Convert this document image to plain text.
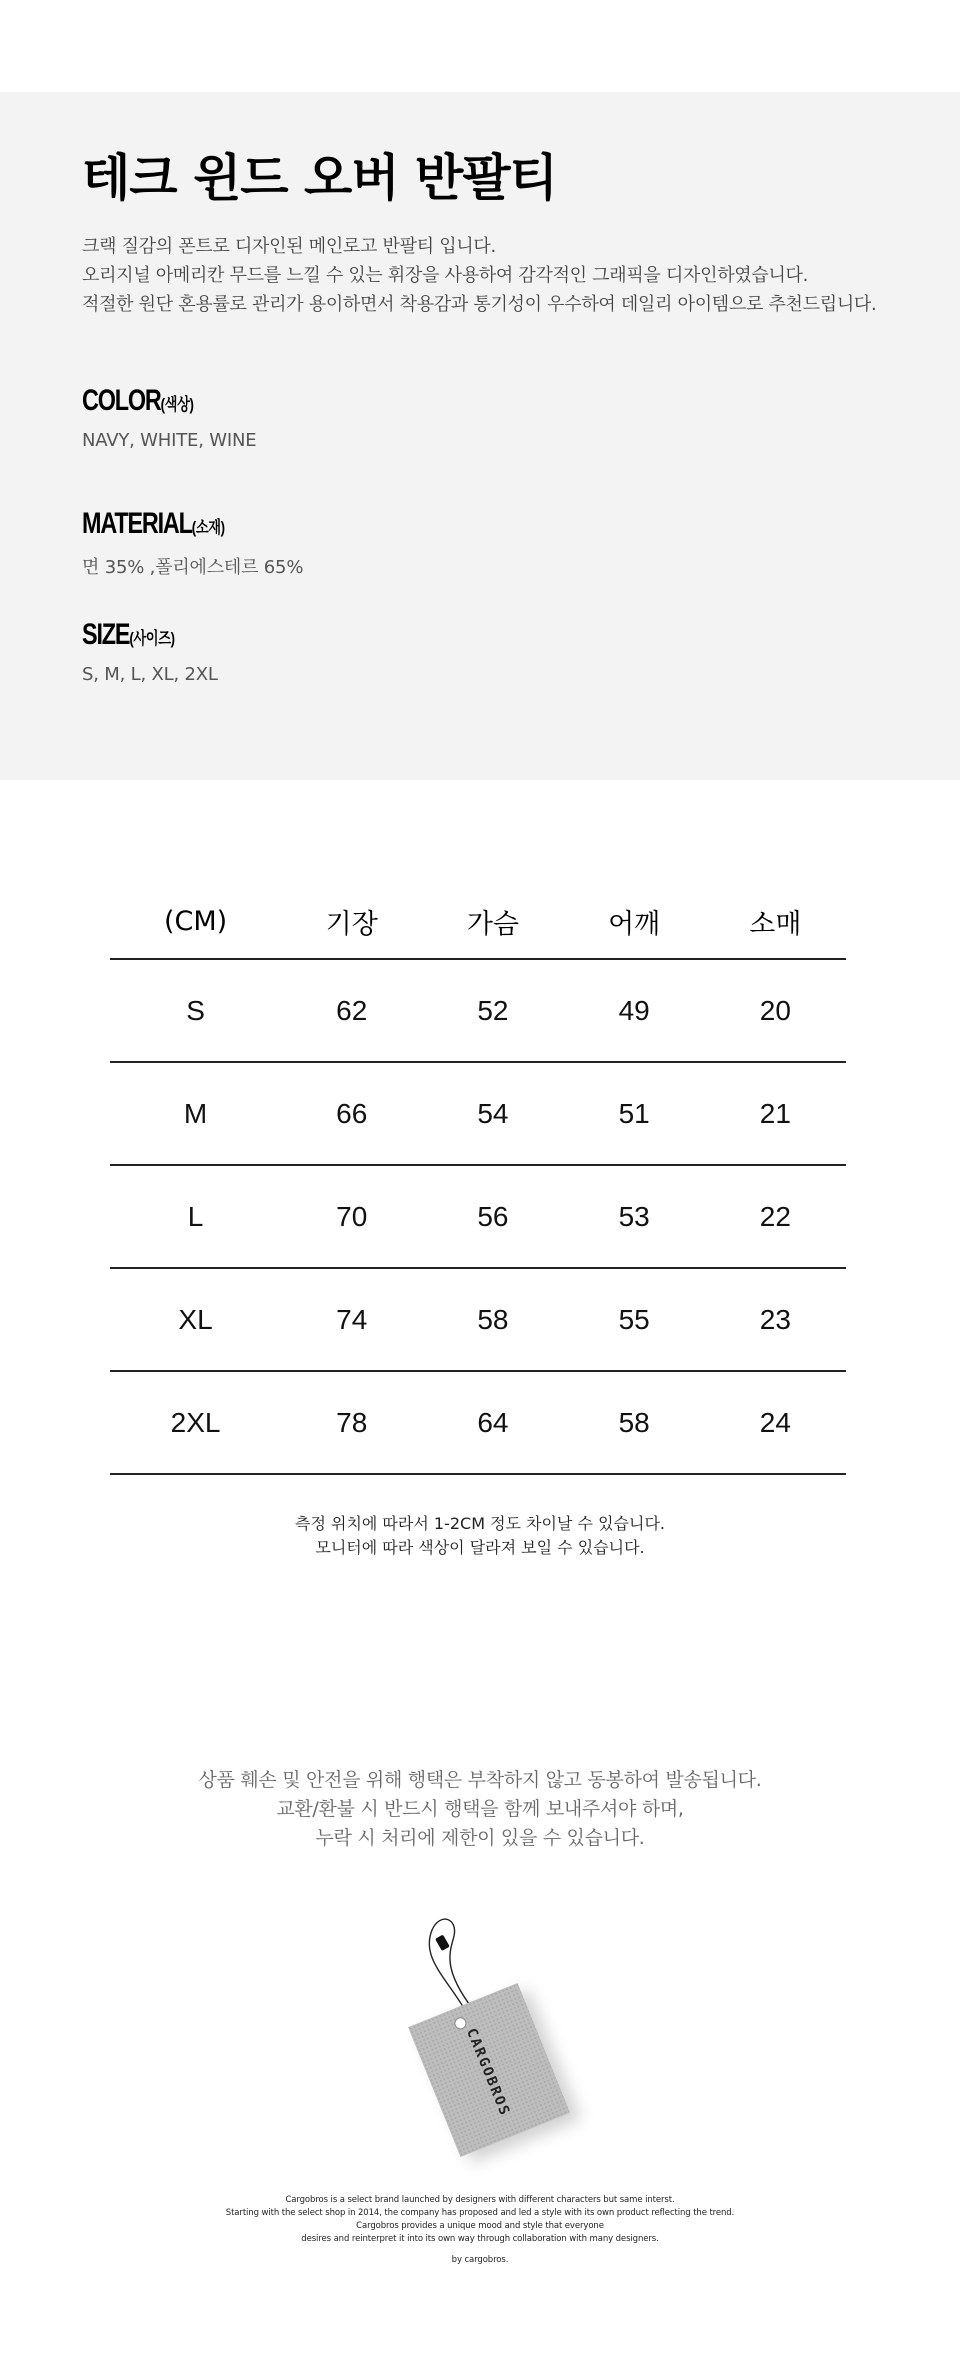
테크 윈드 오버 반팔티
크랙 질감의 폰트로 디자인된 메인로고 반팔티 입니다.
오리지널 아메리칸 무드를 느낄 수 있는 휘장을 사용하여 감각적인 그래픽을 디자인하였습니다.
적절한 원단 혼용률로 관리가 용이하면서 착용감과 통기성이 우수하여 데일리 아이템으로 추천드립니다.
COLOR(색상)
NAVY, WHITE, WINE
MATERIAL(소재)
면 35% ,폴리에스테르 65%
SIZE(사이즈)
S, M, L, XL, 2XL
(CM)	기장	가슴	어깨	소매
S	62	52	49	20
M	66	54	51	21
L	70	56	53	22
XL	74	58	55	23
2XL	78	64	58	24
측정 위치에 따라서 1-2CM 정도 차이날 수 있습니다.
모니터에 따라 색상이 달라져 보일 수 있습니다.
상품 훼손 및 안전을 위해 행택은 부착하지 않고 동봉하여 발송됩니다.
교환/환불 시 반드시 행택을 함께 보내주셔야 하며,
누락 시 처리에 제한이 있을 수 있습니다.
CARGOBROS
Cargobros is a select brand launched by designers with different characters but same interst.
Starting with the select shop in 2014, the company has proposed and led a style with its own product reflecting the trend.
Cargobros provides a unique mood and style that everyone
desires and reinterpret it into its own way through collaboration with many designers.
by cargobros.
